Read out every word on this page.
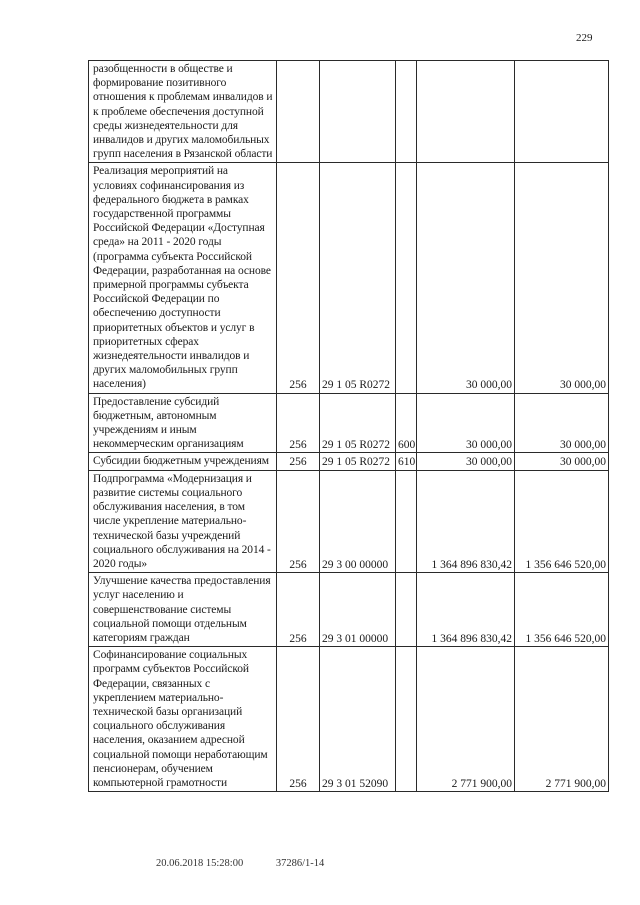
229
разобщенности в обществе и формирование позитивного отношения к проблемам инвалидов и к проблеме обеспечения доступной среды жизнедеятельности для инвалидов и других маломобильных групп населения в Рязанской области					
Реализация мероприятий на условиях софинансирования из федерального бюджета в рамках государственной программы Российской Федерации «Доступная среда» на 2011 - 2020 годы (программа субъекта Российской Федерации, разработанная на основе примерной программы субъекта Российской Федерации по обеспечению доступности приоритетных объектов и услуг в приоритетных сферах жизнедеятельности инвалидов и других маломобильных групп населения)	256	29 1 05 R0272		30 000,00	30 000,00
Предоставление субсидий бюджетным, автономным учреждениям и иным некоммерческим организациям	256	29 1 05 R0272	600	30 000,00	30 000,00
Субсидии бюджетным учреждениям	256	29 1 05 R0272	610	30 000,00	30 000,00
Подпрограмма «Модернизация и развитие системы социального обслуживания населения, в том числе укрепление материально-технической базы учреждений социального обслуживания на 2014 - 2020 годы»	256	29 3 00 00000		1 364 896 830,42	1 356 646 520,00
Улучшение качества предоставления услуг населению и совершенствование системы социальной помощи отдельным категориям граждан	256	29 3 01 00000		1 364 896 830,42	1 356 646 520,00
Софинансирование социальных программ субъектов Российской Федерации, связанных с укреплением материально-технической базы организаций социального обслуживания населения, оказанием адресной социальной помощи неработающим пенсионерам, обучением компьютерной грамотности	256	29 3 01 52090		2 771 900,00	2 771 900,00
20.06.2018 15:28:00	37286/1-14
